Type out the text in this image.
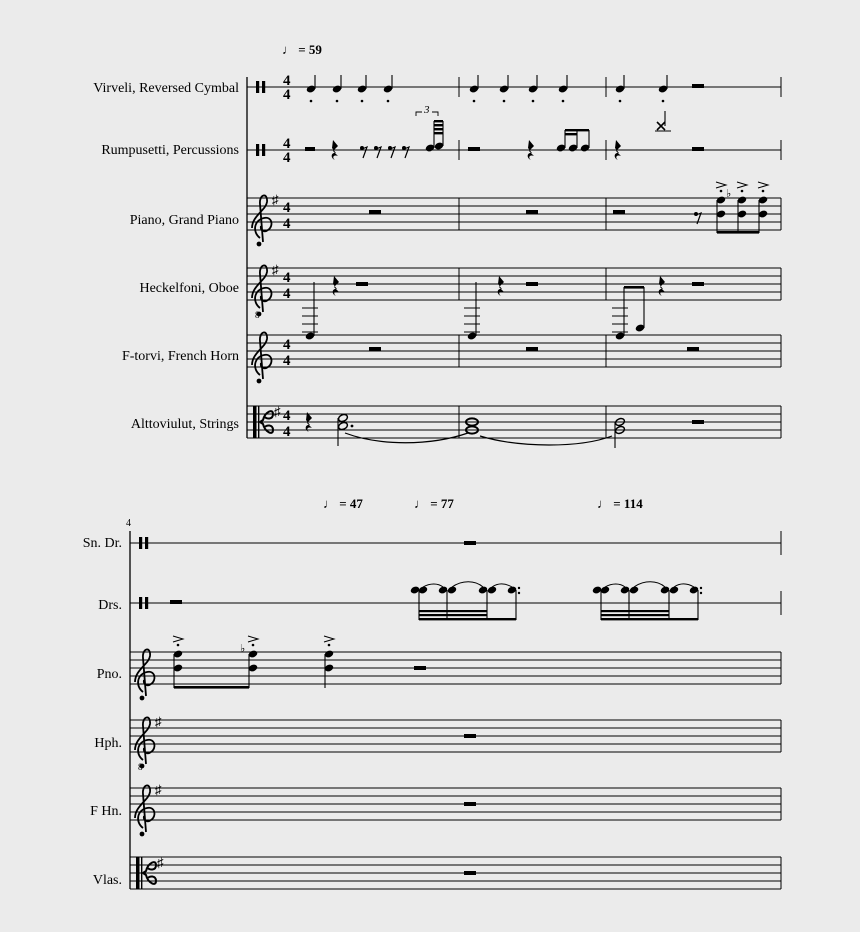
♩ = 59
Virveli, Reversed Cymbal	4
4
Rumpusetti, Percussions	4
4
3
Piano, Grand Piano
♯
4
4
♭
Heckelfoni, Oboe
8
♯
4
4
F-torvi, French Horn
4
4
Alttoviulut, Strings
♯ 4
4
4
♩ = 47	♩ = 77	♩ = 114
Sn. Dr.
Drs.
Pno.
♭
Hph.
8
♯
F Hn.
♯
Vlas.
♯
